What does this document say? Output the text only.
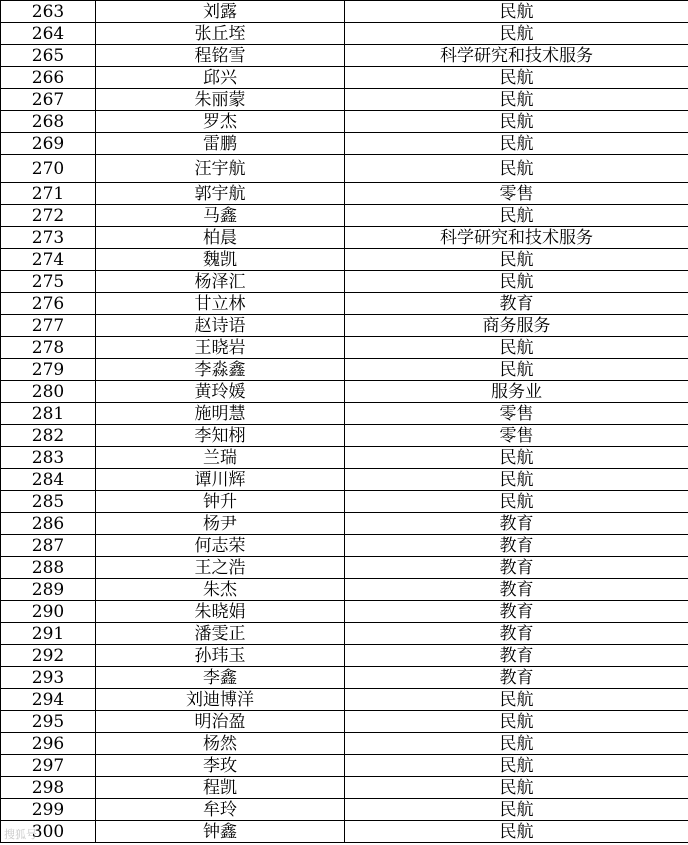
263	刘露	民航
264	张丘垤	民航
265	程铭雪	科学研究和技术服务
266	邱兴	民航
267	朱丽蒙	民航
268	罗杰	民航
269	雷鹏	民航
270	汪宇航	民航
271	郭宇航	零售
272	马鑫	民航
273	柏晨	科学研究和技术服务
274	魏凯	民航
275	杨泽汇	民航
276	甘立林	教育
277	赵诗语	商务服务
278	王晓岩	民航
279	李淼鑫	民航
280	黄玲媛	服务业
281	施明慧	零售
282	李知栩	零售
283	兰瑞	民航
284	谭川辉	民航
285	钟升	民航
286	杨尹	教育
287	何志荣	教育
288	王之浩	教育
289	朱杰	教育
290	朱晓娟	教育
291	潘雯正	教育
292	孙玮玉	教育
293	李鑫	教育
294	刘迪博洋	民航
295	明治盈	民航
296	杨然	民航
297	李玫	民航
298	程凯	民航
299	牟玲	民航
300	钟鑫	民航
搜狐号
